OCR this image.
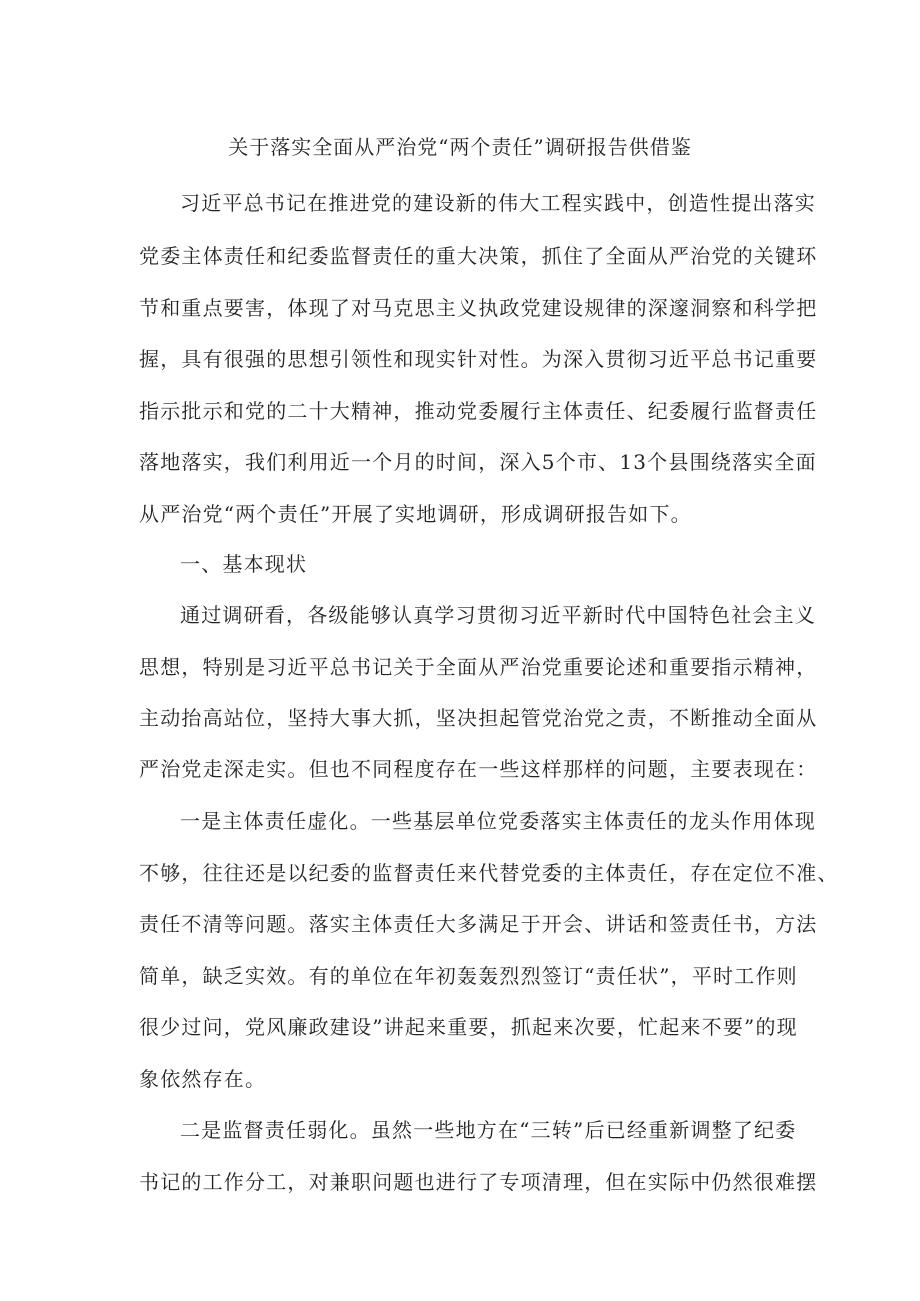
关于落实全面从严治党“两个责任”调研报告供借鉴

习近平总书记在推进党的建设新的伟大工程实践中，创造性提出落实

党委主体责任和纪委监督责任的重大决策，抓住了全面从严治党的关键环

节和重点要害，体现了对马克思主义执政党建设规律的深邃洞察和科学把

握，具有很强的思想引领性和现实针对性。为深入贯彻习近平总书记重要

指示批示和党的二十大精神，推动党委履行主体责任、纪委履行监督责任

落地落实，我们利用近一个月的时间，深入5个市、13个县围绕落实全面

从严治党“两个责任”开展了实地调研，形成调研报告如下。

一、基本现状

通过调研看，各级能够认真学习贯彻习近平新时代中国特色社会主义

思想，特别是习近平总书记关于全面从严治党重要论述和重要指示精神，

主动抬高站位，坚持大事大抓，坚决担起管党治党之责，不断推动全面从

严治党走深走实。但也不同程度存在一些这样那样的问题，主要表现在：

一是主体责任虚化。一些基层单位党委落实主体责任的龙头作用体现

不够，往往还是以纪委的监督责任来代替党委的主体责任，存在定位不准、

责任不清等问题。落实主体责任大多满足于开会、讲话和签责任书，方法

简单，缺乏实效。有的单位在年初轰轰烈烈签订“责任状”，平时工作则

很少过问，党风廉政建设”讲起来重要，抓起来次要，忙起来不要”的现

象依然存在。

二是监督责任弱化。虽然一些地方在“三转”后已经重新调整了纪委

书记的工作分工，对兼职问题也进行了专项清理，但在实际中仍然很难摆
